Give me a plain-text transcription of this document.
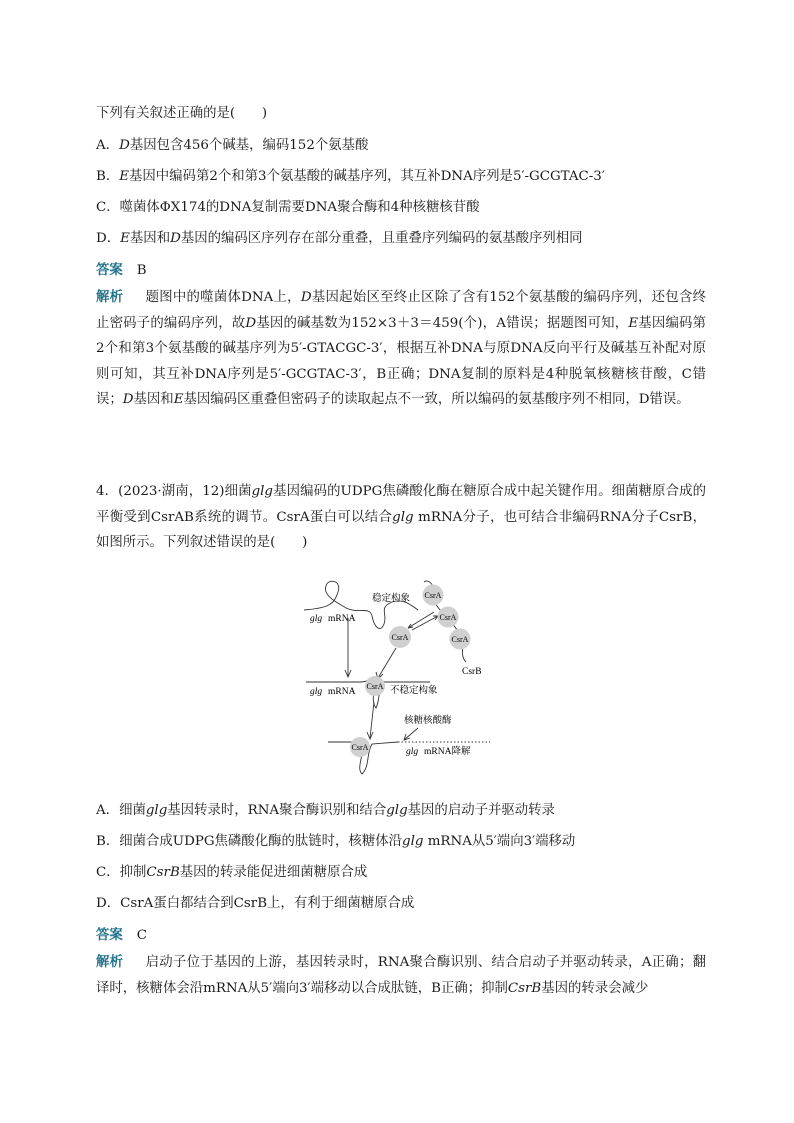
下列有关叙述正确的是(　　)
A．D基因包含456个碱基，编码152个氨基酸
B．E基因中编码第2个和第3个氨基酸的碱基序列，其互补DNA序列是5′-GCGTAC-3′
C．噬菌体ΦX174的DNA复制需要DNA聚合酶和4种核糖核苷酸
D．E基因和D基因的编码区序列存在部分重叠，且重叠序列编码的氨基酸序列相同
答案 B
解析 题图中的噬菌体DNA上，D基因起始区至终止区除了含有152个氨基酸的编码序列，还包含终止密码子的编码序列，故D基因的碱基数为152×3＋3＝459(个)，A错误；据题图可知，E基因编码第2个和第3个氨基酸的碱基序列为5′-GTACGC-3′，根据互补DNA与原DNA反向平行及碱基互补配对原则可知，其互补DNA序列是5′-GCGTAC-3′，B正确；DNA复制的原料是4种脱氧核糖核苷酸，C错误；D基因和E基因编码区重叠但密码子的读取起点不一致，所以编码的氨基酸序列不相同，D错误。
4．(2023·湖南，12)细菌glg基因编码的UDPG焦磷酸化酶在糖原合成中起关键作用。细菌糖原合成的平衡受到CsrAB系统的调节。CsrA蛋白可以结合glg mRNA分子，也可结合非编码RNA分子CsrB，如图所示。下列叙述错误的是(　　)
glg mRNA
稳定构象
CsrA
CsrA
CsrA
CsrA
CsrB
glg mRNA
CsrA 不稳定构象
核糖核酸酶
CsrA	glg mRNA降解
A．细菌glg基因转录时，RNA聚合酶识别和结合glg基因的启动子并驱动转录
B．细菌合成UDPG焦磷酸化酶的肽链时，核糖体沿glg mRNA从5′端向3′端移动
C．抑制CsrB基因的转录能促进细菌糖原合成
D．CsrA蛋白都结合到CsrB上，有利于细菌糖原合成
答案 C
解析 启动子位于基因的上游，基因转录时，RNA聚合酶识别、结合启动子并驱动转录，A正确；翻译时，核糖体会沿mRNA从5′端向3′端移动以合成肽链，B正确；抑制CsrB基因的转录会减少
